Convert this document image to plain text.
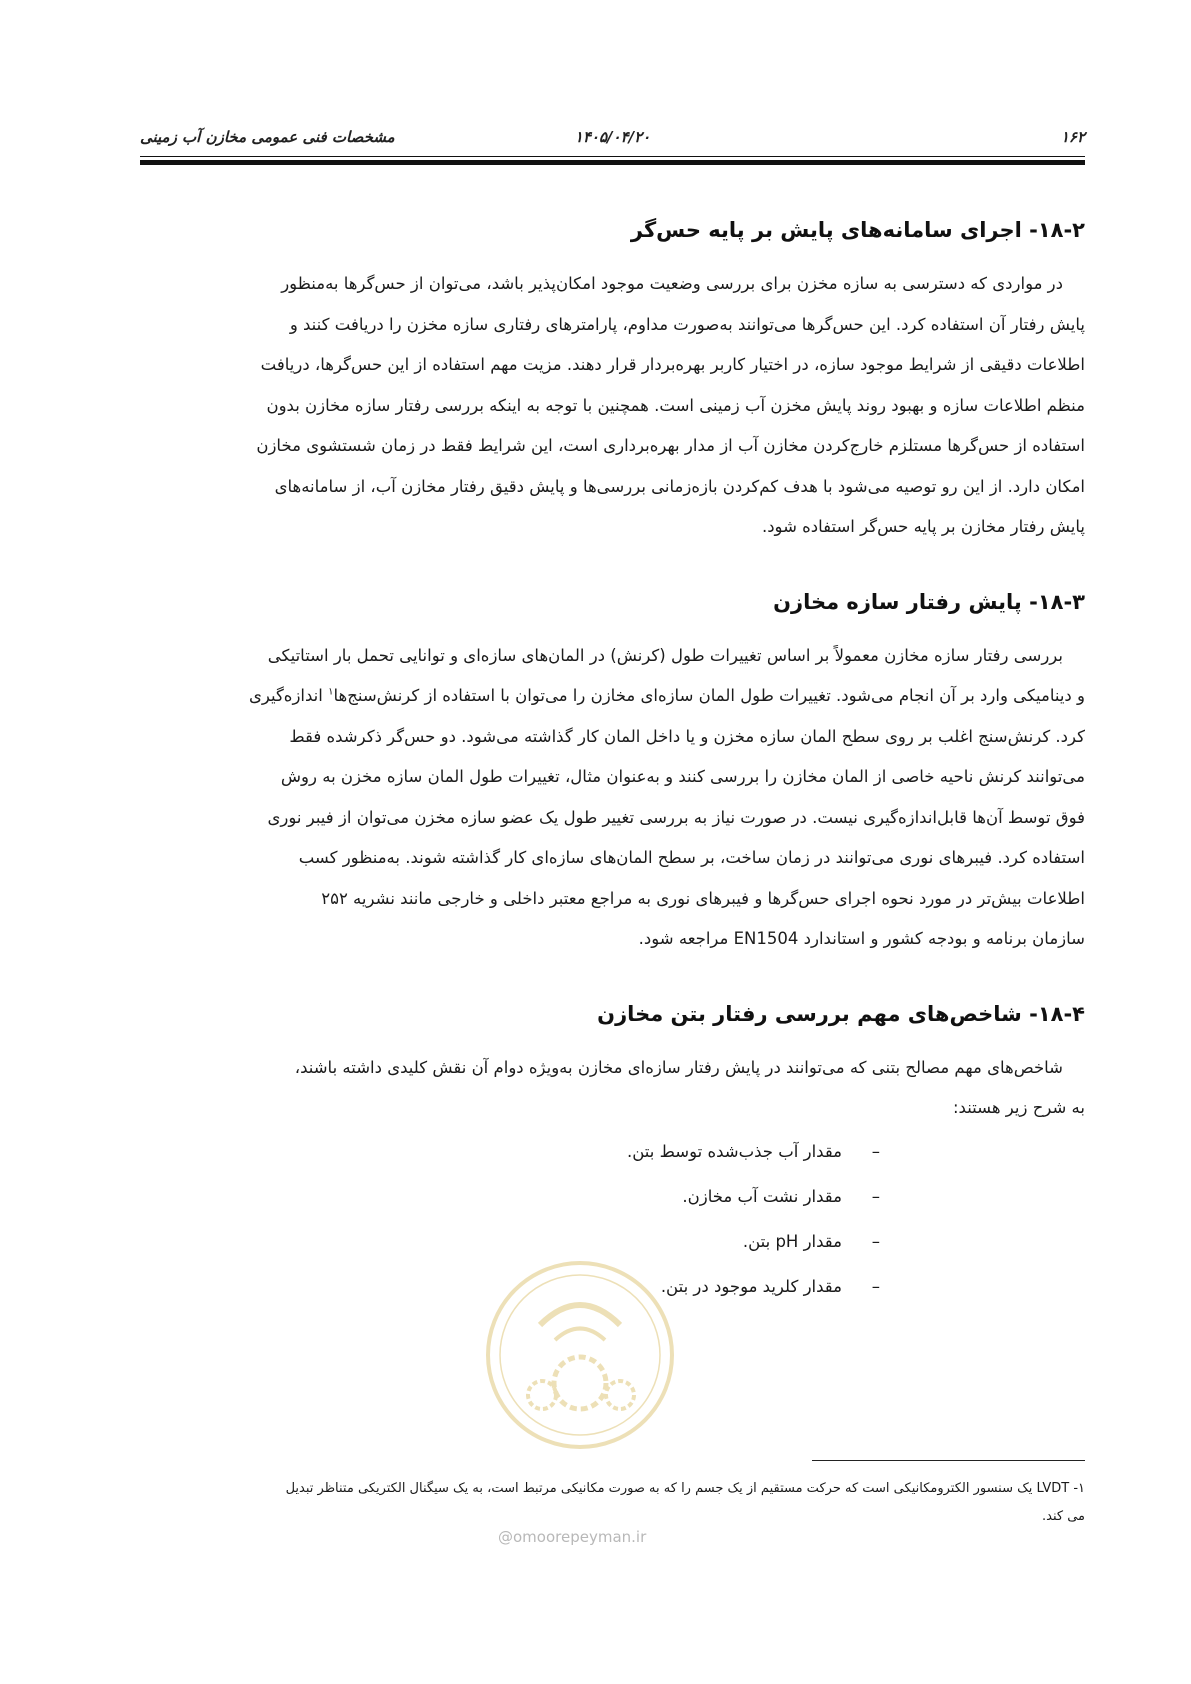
۱۶۲
۱۴۰۵/۰۴/۲۰
مشخصات فنی عمومی مخازن آب زمینی
۱۸-۲- اجرای سامانه‌های پایش بر پایه حس‌گر

در مواردی که دسترسی به سازه مخزن برای بررسی وضعیت موجود امکان‌پذیر باشد، می‌توان از حس‌گرها به‌منظور

پایش رفتار آن استفاده کرد. این حس‌گرها می‌توانند به‌صورت مداوم، پارامترهای رفتاری سازه مخزن را دریافت کنند و

اطلاعات دقیقی از شرایط موجود سازه، در اختیار کاربر بهره‌بردار قرار دهند. مزیت مهم استفاده از این حس‌گرها، دریافت

منظم اطلاعات سازه و بهبود روند پایش مخزن آب زمینی است. همچنین با توجه به اینکه بررسی رفتار سازه مخازن بدون

استفاده از حس‌گرها مستلزم خارج‌کردن مخازن آب از مدار بهره‌برداری است، این شرایط فقط در زمان شستشوی مخازن

امکان دارد. از این رو توصیه می‌شود با هدف کم‌کردن بازه‌زمانی بررسی‌ها و پایش دقیق رفتار مخازن آب، از سامانه‌های

پایش رفتار مخازن بر پایه حس‌گر استفاده شود.

۱۸-۳- پایش رفتار سازه مخازن

بررسی رفتار سازه مخازن معمولاً بر اساس تغییرات طول (کرنش) در المان‌های سازه‌ای و توانایی تحمل بار استاتیکی

و دینامیکی وارد بر آن انجام می‌شود. تغییرات طول المان سازه‌ای مخازن را می‌توان با استفاده از کرنش‌سنج‌ها$^۱$ اندازه‌گیری

کرد. کرنش‌سنج اغلب بر روی سطح المان سازه مخزن و یا داخل المان کار گذاشته می‌شود. دو حس‌گر ذکرشده فقط

می‌توانند کرنش ناحیه خاصی از المان مخازن را بررسی کنند و به‌عنوان مثال، تغییرات طول المان سازه مخزن به روش

فوق توسط آن‌ها قابل‌اندازه‌گیری نیست. در صورت نیاز به بررسی تغییر طول یک عضو سازه مخزن می‌توان از فیبر نوری

استفاده کرد. فیبرهای نوری می‌توانند در زمان ساخت، بر سطح المان‌های سازه‌ای کار گذاشته شوند. به‌منظور کسب

اطلاعات بیش‌تر در مورد نحوه اجرای حس‌گرها و فیبرهای نوری به مراجع معتبر داخلی و خارجی مانند نشریه ۲۵۲

سازمان برنامه و بودجه کشور و استاندارد EN1504 مراجعه شود.

۱۸-۴- شاخص‌های مهم بررسی رفتار بتن مخازن

شاخص‌های مهم مصالح بتنی که می‌توانند در پایش رفتار سازه‌ای مخازن به‌ویژه دوام آن نقش کلیدی داشته باشند،

به شرح زیر هستند:

–مقدار آب جذب‌شده توسط بتن.
–مقدار نشت آب مخازن.
–مقدار pH بتن.
–مقدار کلرید موجود در بتن.
@omoorepeyman.ir
۱- LVDT یک سنسور الکترومکانیکی است که حرکت مستقیم از یک جسم را که به صورت مکانیکی مرتبط است، به یک سیگنال الکتریکی متناظر تبدیل
می کند.
